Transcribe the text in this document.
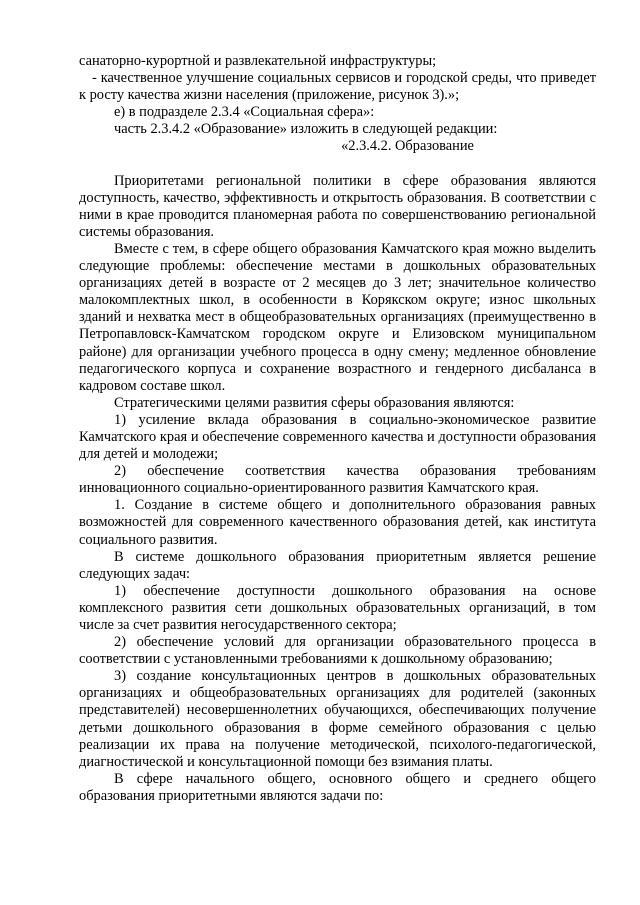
санаторно-курортной и развлекательной инфраструктуры;

- качественное улучшение социальных сервисов и городской среды, что приведет к росту качества жизни населения (приложение, рисунок 3).»;

е) в подразделе 2.3.4 «Социальная сфера»:

часть 2.3.4.2 «Образование» изложить в следующей редакции:

«2.3.4.2. Образование

Приоритетами региональной политики в сфере образования являются доступность, качество, эффективность и открытость образования. В соответствии с ними в крае проводится планомерная работа по совершенствованию региональной системы образования.

Вместе с тем, в сфере общего образования Камчатского края можно выделить следующие проблемы: обеспечение местами в дошкольных образовательных организациях детей в возрасте от 2 месяцев до 3 лет; значительное количество малокомплектных школ, в особенности в Корякском округе; износ школьных зданий и нехватка мест в общеобразовательных организациях (преимущественно в Петропавловск-Камчатском городском округе и Елизовском муниципальном районе) для организации учебного процесса в одну смену; медленное обновление педагогического корпуса и сохранение возрастного и гендерного дисбаланса в кадровом составе школ.

Стратегическими целями развития сферы образования являются:

1) усиление вклада образования в социально-экономическое развитие Камчатского края и обеспечение современного качества и доступности образования для детей и молодежи;

2) обеспечение соответствия качества образования требованиям инновационного социально-ориентированного развития Камчатского края.

1. Создание в системе общего и дополнительного образования равных возможностей для современного качественного образования детей, как института социального развития.

В системе дошкольного образования приоритетным является решение следующих задач:

1) обеспечение доступности дошкольного образования на основе комплексного развития сети дошкольных образовательных организаций, в том числе за счет развития негосударственного сектора;

2) обеспечение условий для организации образовательного процесса в соответствии с установленными требованиями к дошкольному образованию;

3) создание консультационных центров в дошкольных образовательных организациях и общеобразовательных организациях для родителей (законных представителей) несовершеннолетних обучающихся, обеспечивающих получение детьми дошкольного образования в форме семейного образования с целью реализации их права на получение методической, психолого-педагогической, диагностической и консультационной помощи без взимания платы.

В сфере начального общего, основного общего и среднего общего образования приоритетными являются задачи по:
